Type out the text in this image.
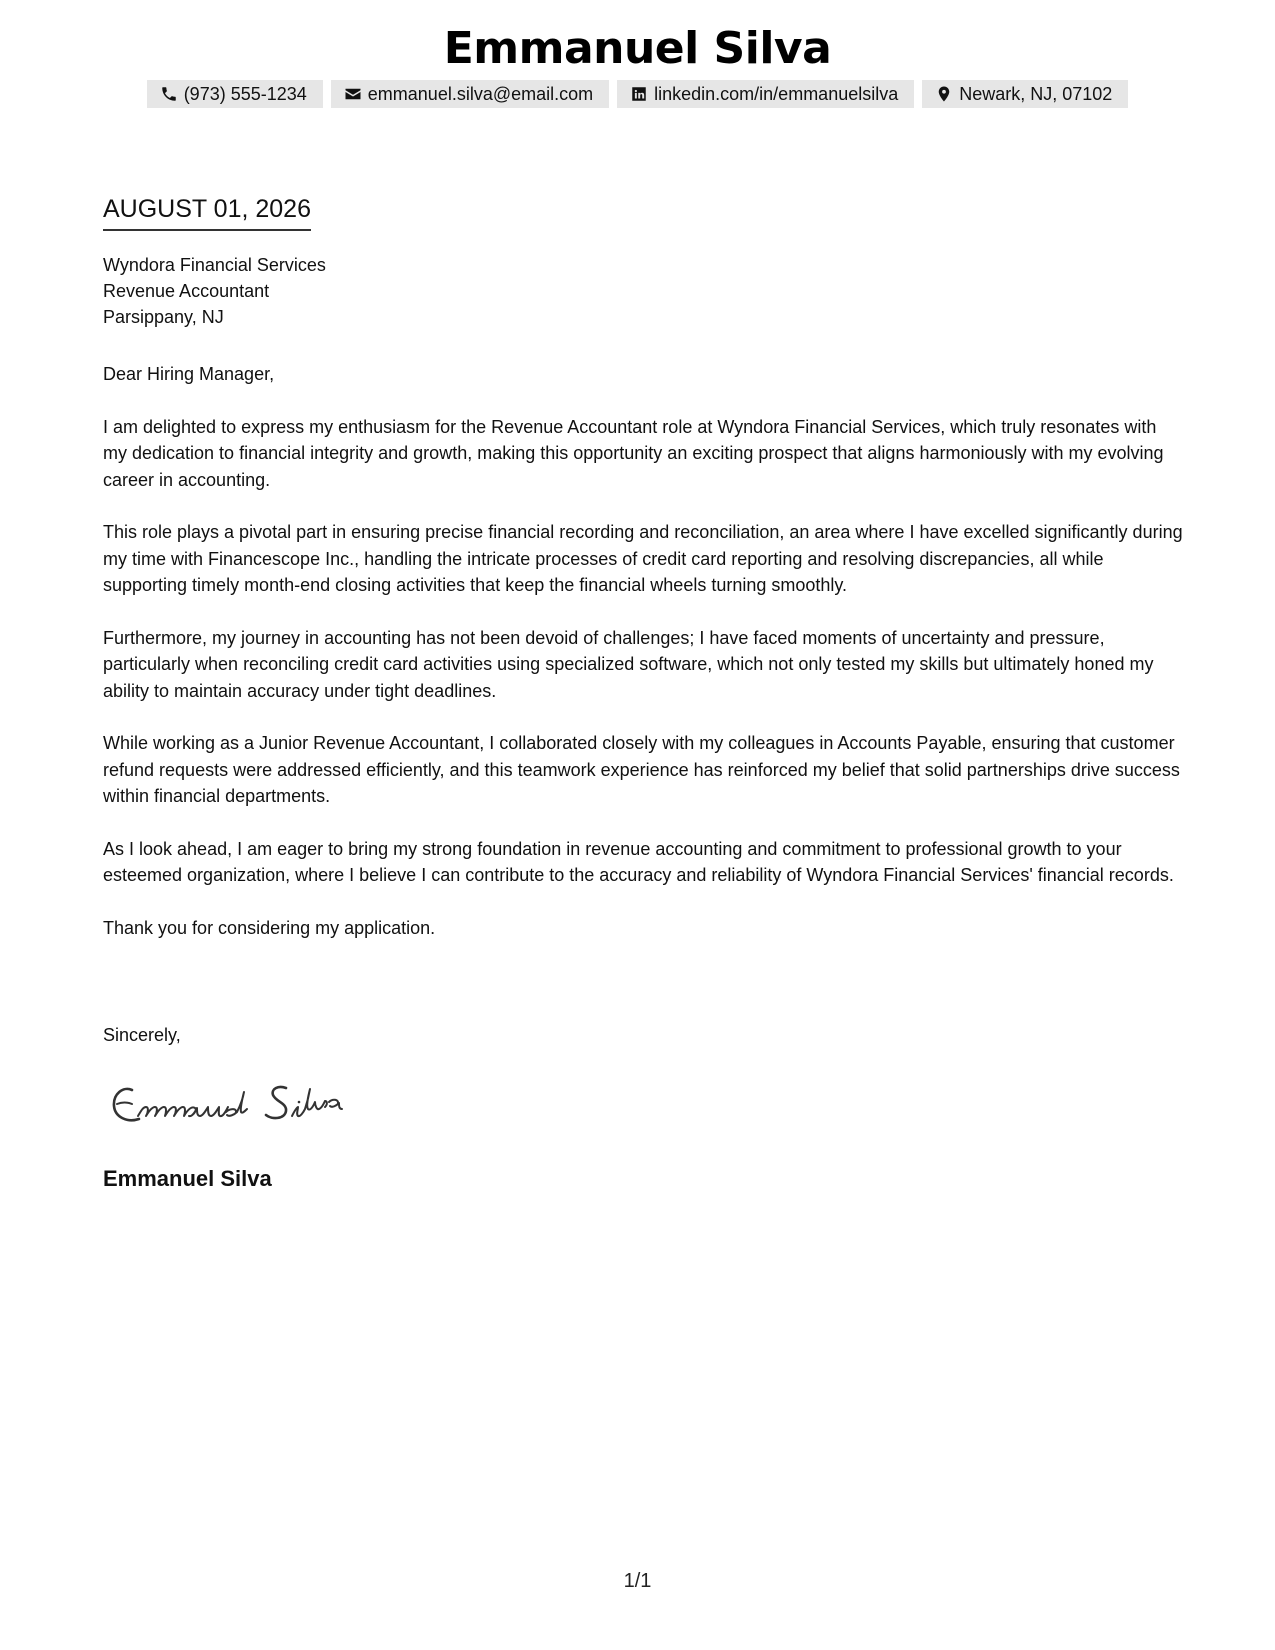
Emmanuel Silva
(973) 555-1234	emmanuel.silva@email.com	linkedin.com/in/emmanuelsilva	Newark, NJ, 07102
AUGUST 01, 2026
Wyndora Financial Services
Revenue Accountant
Parsippany, NJ

Dear Hiring Manager,

I am delighted to express my enthusiasm for the Revenue Accountant role at Wyndora Financial Services, which truly resonates with my dedication to financial integrity and growth, making this opportunity an exciting prospect that aligns harmoniously with my evolving career in accounting.

This role plays a pivotal part in ensuring precise financial recording and reconciliation, an area where I have excelled significantly during my time with Financescope Inc., handling the intricate processes of credit card reporting and resolving discrepancies, all while supporting timely month-end closing activities that keep the financial wheels turning smoothly.

Furthermore, my journey in accounting has not been devoid of challenges; I have faced moments of uncertainty and pressure, particularly when reconciling credit card activities using specialized software, which not only tested my skills but ultimately honed my ability to maintain accuracy under tight deadlines.

While working as a Junior Revenue Accountant, I collaborated closely with my colleagues in Accounts Payable, ensuring that customer refund requests were addressed efficiently, and this teamwork experience has reinforced my belief that solid partnerships drive success within financial departments.

As I look ahead, I am eager to bring my strong foundation in revenue accounting and commitment to professional growth to your esteemed organization, where I believe I can contribute to the accuracy and reliability of Wyndora Financial Services' financial records.

Thank you for considering my application.

Sincerely,
Emmanuel Silva
1/1
